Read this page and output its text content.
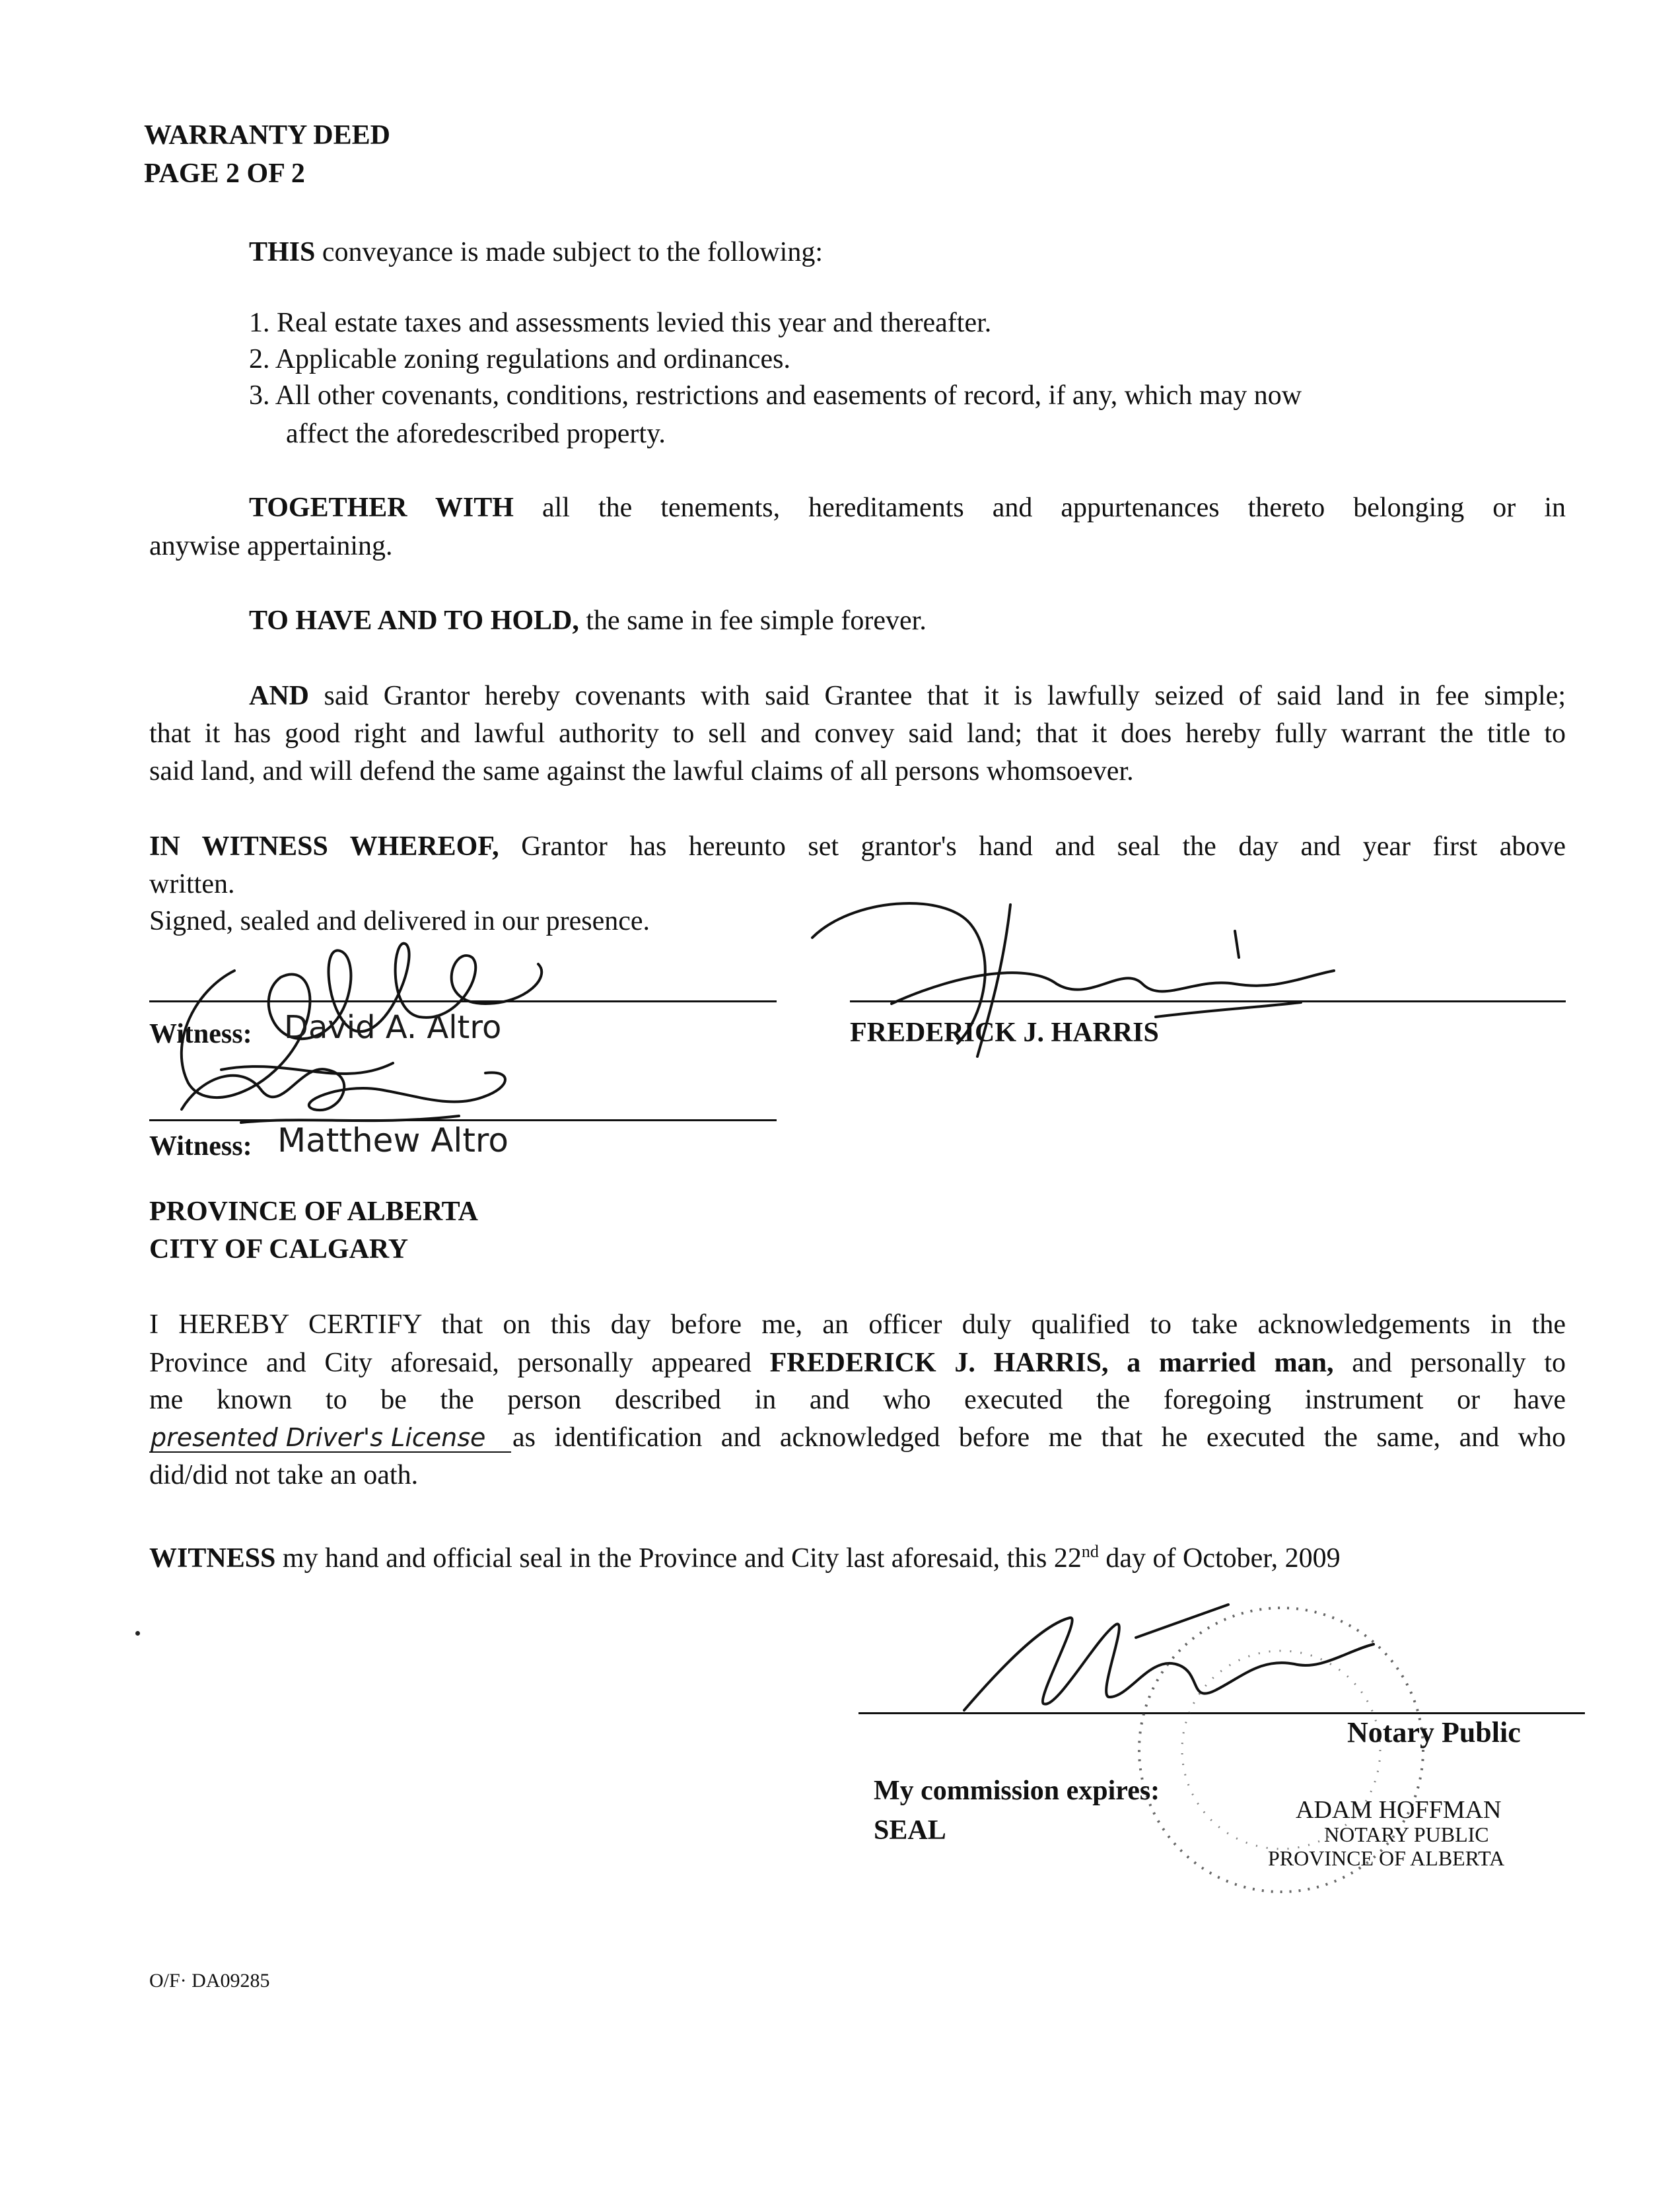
WARRANTY DEED
PAGE 2 OF 2
THIS conveyance is made subject to the following:
1. Real estate taxes and assessments levied this year and thereafter.
2. Applicable zoning regulations and ordinances.
3. All other covenants, conditions, restrictions and easements of record, if any, which may now
affect the aforedescribed property.
TOGETHER WITH all the tenements, hereditaments and appurtenances thereto belonging or in
anywise appertaining.
TO HAVE AND TO HOLD, the same in fee simple forever.
AND said Grantor hereby covenants with said Grantee that it is lawfully seized of said land in fee simple;
that it has good right and lawful authority to sell and convey said land; that it does hereby fully warrant the title to
said land, and will defend the same against the lawful claims of all persons whomsoever.
IN WITNESS WHEREOF, Grantor has hereunto set grantor's hand and seal the day and year first above
written.
Signed, sealed and delivered in our presence.
Witness: David A. Altro
Witness: Matthew Altro
FREDERICK J. HARRIS
PROVINCE OF ALBERTA
CITY OF CALGARY
I HEREBY CERTIFY that on this day before me, an officer duly qualified to take acknowledgements in the
Province and City aforesaid, personally appeared FREDERICK J. HARRIS, a married man, and personally to
me known to be the person described in and who executed the foregoing instrument or have
presented Driver's License as identification and acknowledged before me that he executed the same, and who
did/did not take an oath.
WITNESS my hand and official seal in the Province and City last aforesaid, this 22nd day of October, 2009
Notary Public
My commission expires:
SEAL
ADAM HOFFMAN
NOTARY PUBLIC
PROVINCE OF ALBERTA
O/F· DA09285
